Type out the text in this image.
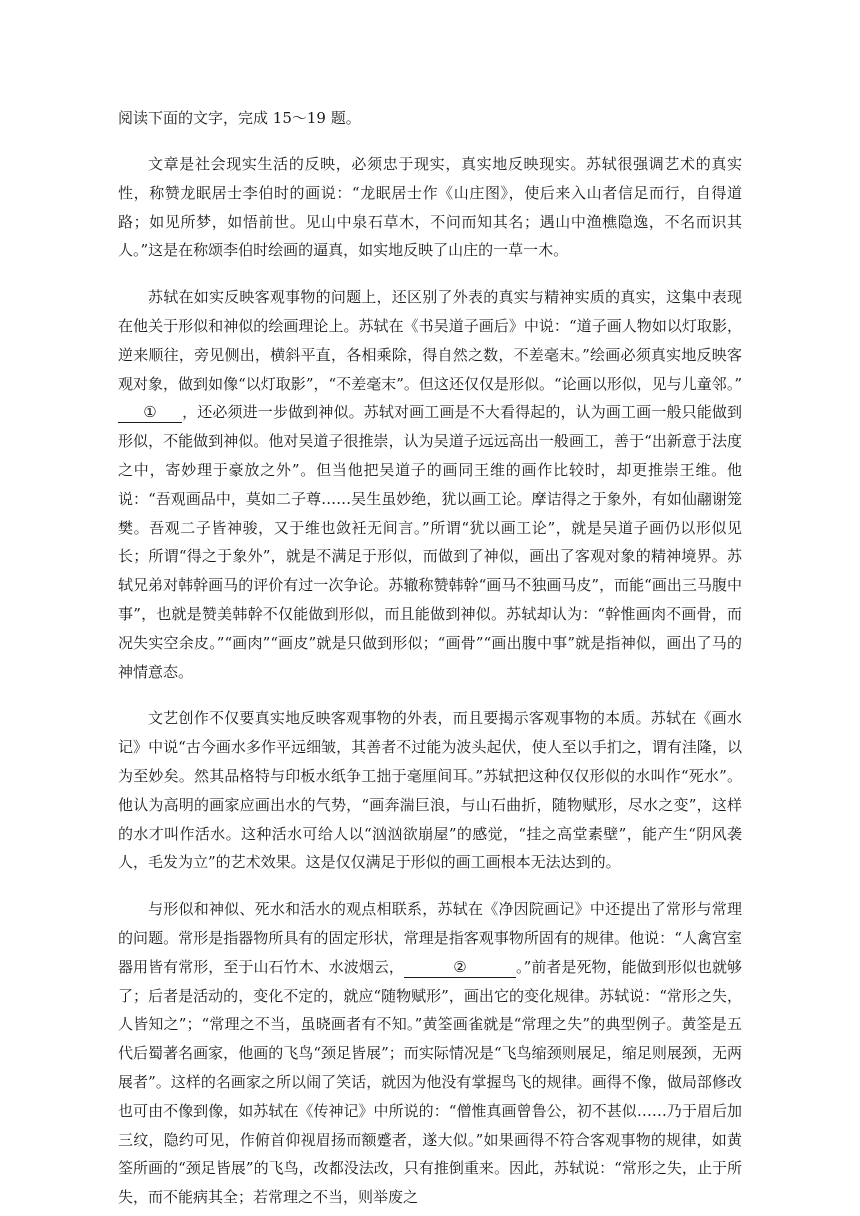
阅读下面的文字，完成 15～19 题。

文章是社会现实生活的反映，必须忠于现实，真实地反映现实。苏轼很强调艺术的真实性，称赞龙眠居士李伯时的画说：“龙眠居士作《山庄图》，使后来入山者信足而行，自得道路；如见所梦，如悟前世。见山中泉石草木，不问而知其名；遇山中渔樵隐逸，不名而识其人。”这是在称颂李伯时绘画的逼真，如实地反映了山庄的一草一木。

苏轼在如实反映客观事物的问题上，还区别了外表的真实与精神实质的真实，这集中表现在他关于形似和神似的绘画理论上。苏轼在《书吴道子画后》中说：“道子画人物如以灯取影，逆来顺往，旁见侧出，横斜平直，各相乘除，得自然之数，不差毫末。”绘画必须真实地反映客观对象，做到如像“以灯取影”，“不差毫末”。但这还仅仅是形似。“论画以形似，见与儿童邻。”① ，还必须进一步做到神似。苏轼对画工画是不大看得起的，认为画工画一般只能做到形似，不能做到神似。他对吴道子很推崇，认为吴道子远远高出一般画工，善于“出新意于法度之中，寄妙理于豪放之外”。但当他把吴道子的画同王维的画作比较时，却更推崇王维。他说：“吾观画品中，莫如二子尊……吴生虽妙绝，犹以画工论。摩诘得之于象外，有如仙翮谢笼樊。吾观二子皆神骏，又于维也敛衽无间言。”所谓“犹以画工论”，就是吴道子画仍以形似见长；所谓“得之于象外”，就是不满足于形似，而做到了神似，画出了客观对象的精神境界。苏轼兄弟对韩幹画马的评价有过一次争论。苏辙称赞韩幹“画马不独画马皮”，而能“画出三马腹中事”，也就是赞美韩幹不仅能做到形似，而且能做到神似。苏轼却认为：“幹惟画肉不画骨，而况失实空余皮。”“画肉”“画皮”就是只做到形似；“画骨”“画出腹中事”就是指神似，画出了马的神情意态。

文艺创作不仅要真实地反映客观事物的外表，而且要揭示客观事物的本质。苏轼在《画水记》中说“古今画水多作平远细皱，其善者不过能为波头起伏，使人至以手扪之，谓有洼隆，以为至妙矣。然其品格特与印板水纸争工拙于毫厘间耳。”苏轼把这种仅仅形似的水叫作“死水”。他认为高明的画家应画出水的气势，“画奔湍巨浪，与山石曲折，随物赋形，尽水之变”，这样的水才叫作活水。这种活水可给人以“汹汹欲崩屋”的感觉，“挂之高堂素壁”，能产生“阴风袭人，毛发为立”的艺术效果。这是仅仅满足于形似的画工画根本无法达到的。

与形似和神似、死水和活水的观点相联系，苏轼在《净因院画记》中还提出了常形与常理的问题。常形是指器物所具有的固定形状，常理是指客观事物所固有的规律。他说：“人禽宫室器用皆有常形，至于山石竹木、水波烟云，	②	。”前者是死物，能做到形似也就够了；后者是活动的，变化不定的，就应“随物赋形”，画出它的变化规律。苏轼说：“常形之失，人皆知之”；“常理之不当，虽晓画者有不知。”黄筌画雀就是“常理之失”的典型例子。黄筌是五代后蜀著名画家，他画的飞鸟“颈足皆展”；而实际情况是“飞鸟缩颈则展足，缩足则展颈，无两展者”。这样的名画家之所以闹了笑话，就因为他没有掌握鸟飞的规律。画得不像，做局部修改也可由不像到像，如苏轼在《传神记》中所说的：“僧惟真画曾鲁公，初不甚似……乃于眉后加三纹，隐约可见，作俯首仰视眉扬而额蹙者，遂大似。”如果画得不符合客观事物的规律，如黄筌所画的“颈足皆展”的飞鸟，改都没法改，只有推倒重来。因此，苏轼说：“常形之失，止于所失，而不能病其全；若常理之不当，则举废之
